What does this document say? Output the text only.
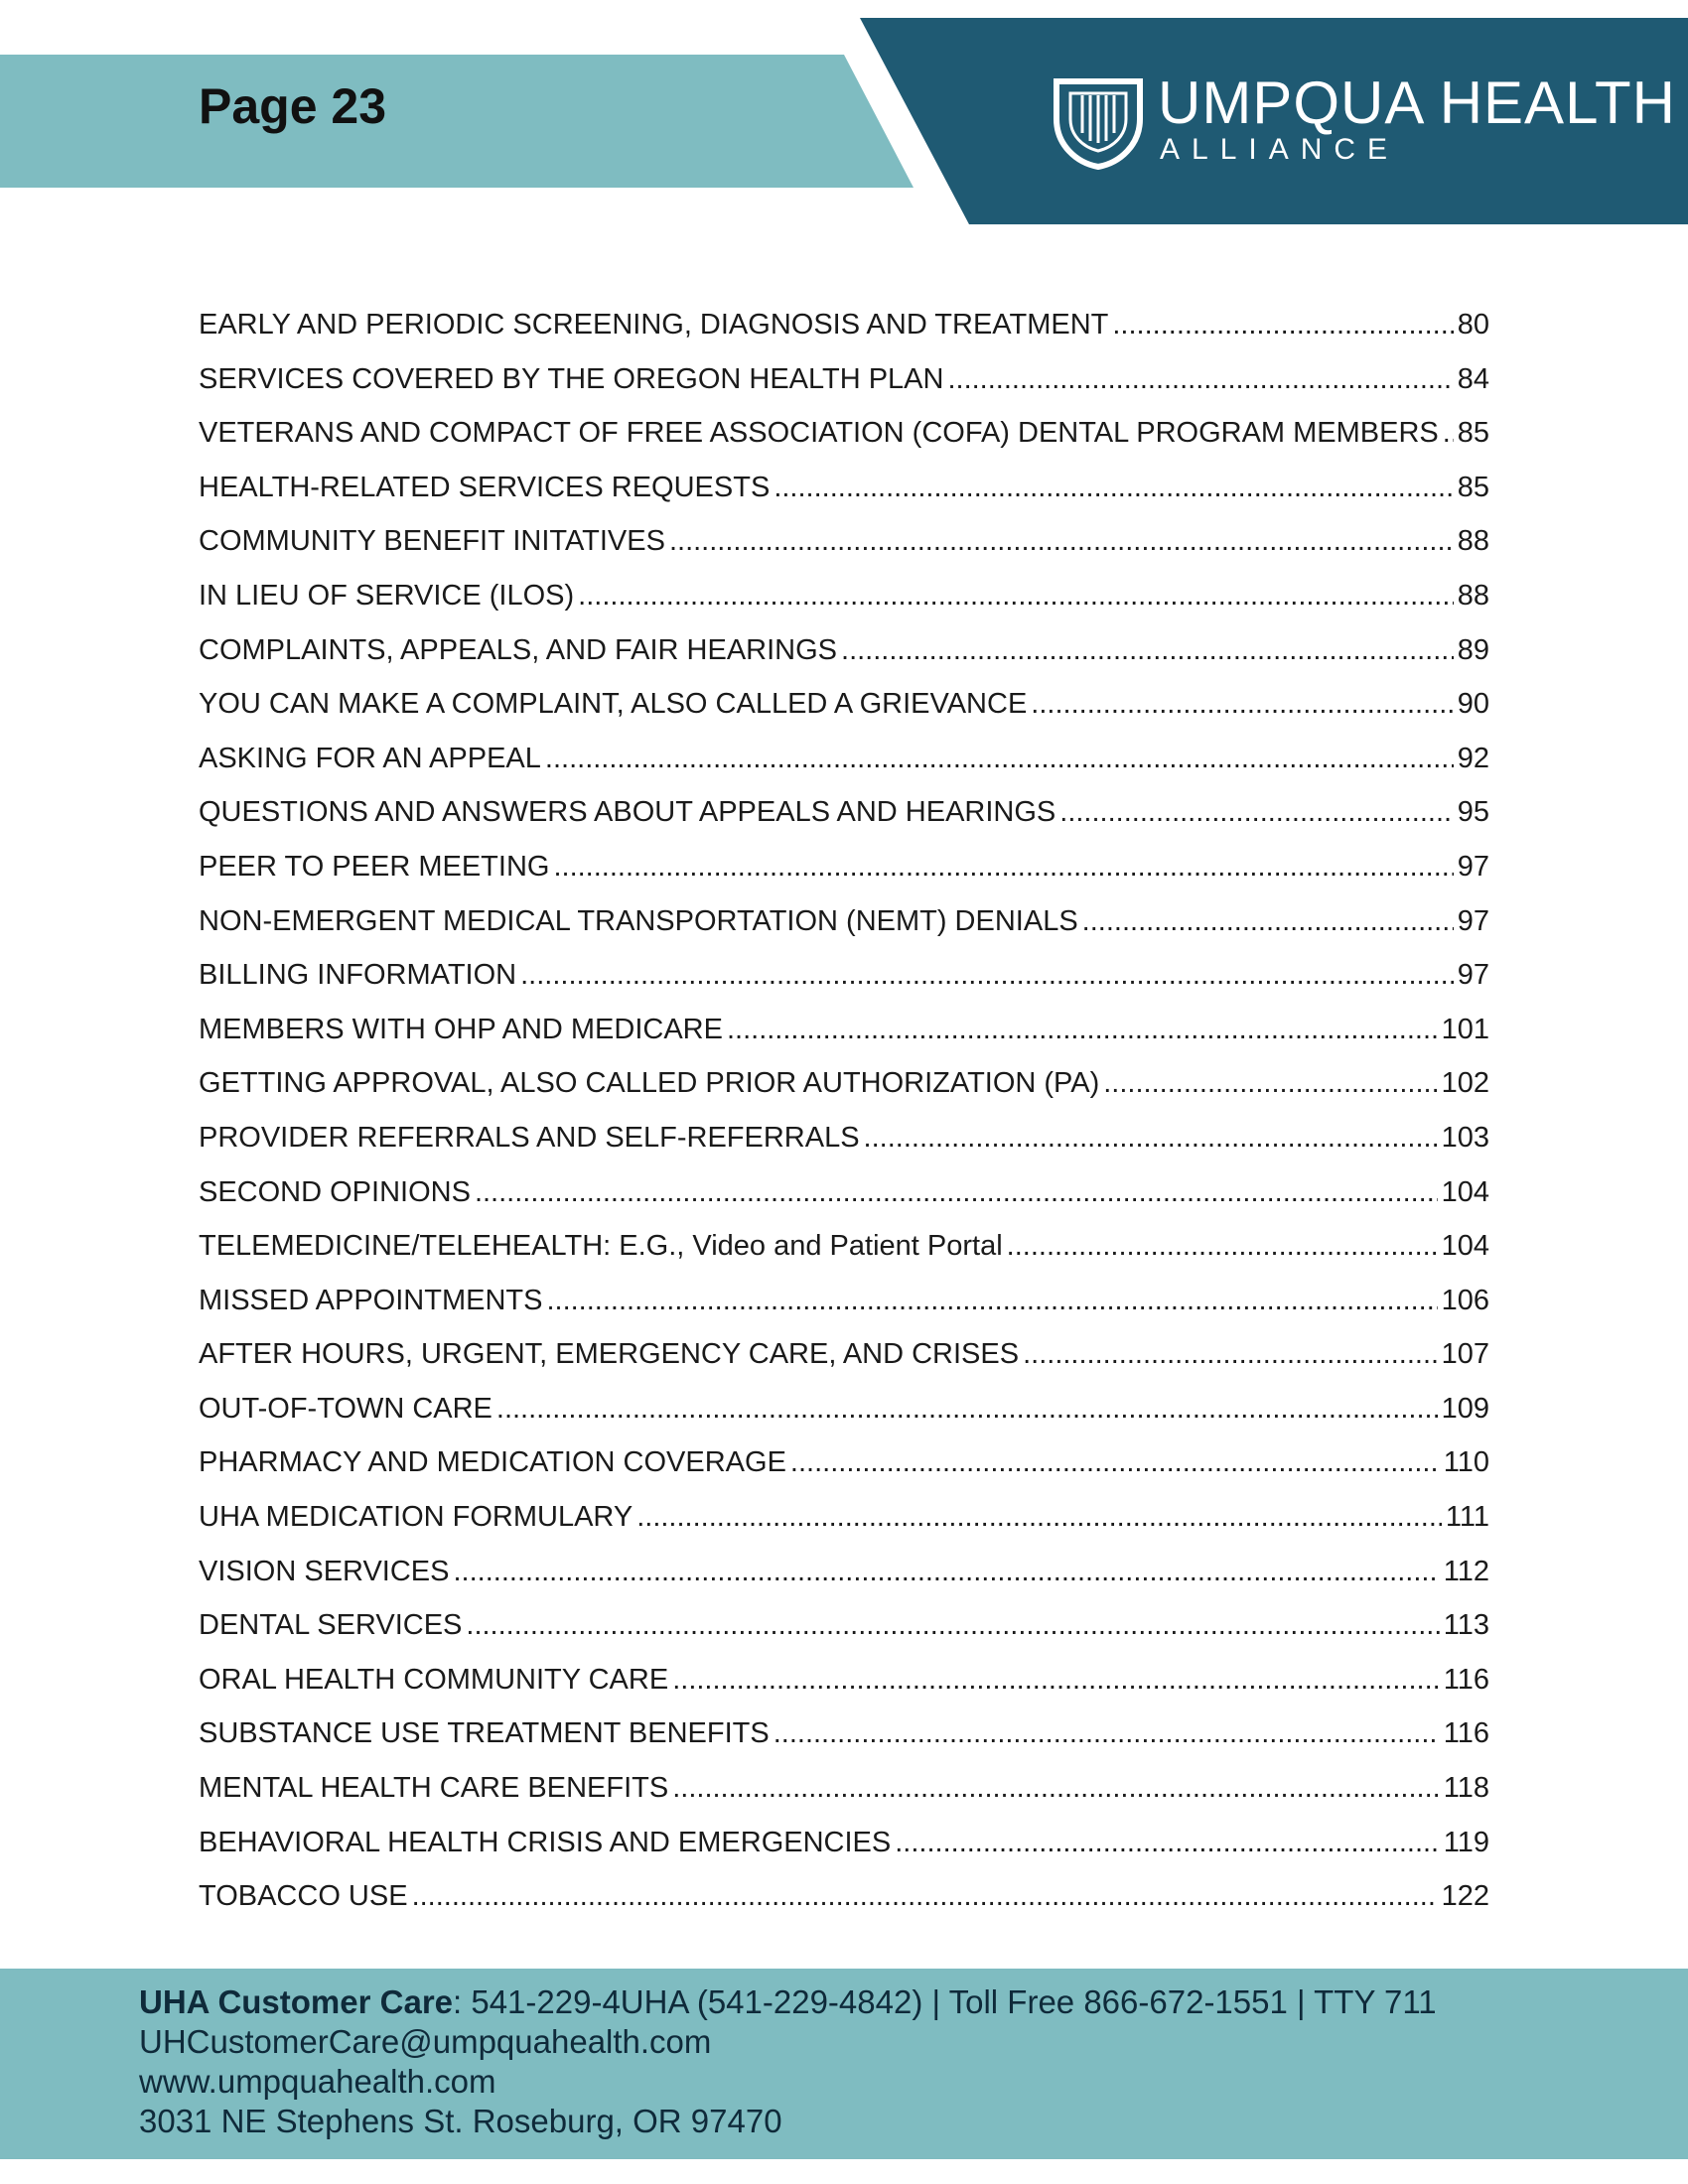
Page 23	UMPQUA HEALTH
ALLIANCE
EARLY AND PERIODIC SCREENING, DIAGNOSIS AND TREATMENT .....	80
SERVICES COVERED BY THE OREGON HEALTH PLAN .....	84
VETERANS AND COMPACT OF FREE ASSOCIATION (COFA) DENTAL PROGRAM MEMBERS ..... 85
HEALTH-RELATED SERVICES REQUESTS .....	85
COMMUNITY BENEFIT INITATIVES .....	88
IN LIEU OF SERVICE (ILOS) .....	88
COMPLAINTS, APPEALS, AND FAIR HEARINGS .....	89
YOU CAN MAKE A COMPLAINT, ALSO CALLED A GRIEVANCE .....	90
ASKING FOR AN APPEAL .....	92
QUESTIONS AND ANSWERS ABOUT APPEALS AND HEARINGS .....	95
PEER TO PEER MEETING .....	97
NON-EMERGENT MEDICAL TRANSPORTATION (NEMT) DENIALS .....	97
BILLING INFORMATION .....	97
MEMBERS WITH OHP AND MEDICARE .....	101
GETTING APPROVAL, ALSO CALLED PRIOR AUTHORIZATION (PA) .....	102
PROVIDER REFERRALS AND SELF-REFERRALS .....	103
SECOND OPINIONS .....	104
TELEMEDICINE/TELEHEALTH: E.G., Video and Patient Portal .....	104
MISSED APPOINTMENTS .....	106
AFTER HOURS, URGENT, EMERGENCY CARE, AND CRISES .....	107
OUT-OF-TOWN CARE .....	109
PHARMACY AND MEDICATION COVERAGE .....	110
UHA MEDICATION FORMULARY .....	111
VISION SERVICES .....	112
DENTAL SERVICES .....	113
ORAL HEALTH COMMUNITY CARE .....	116
SUBSTANCE USE TREATMENT BENEFITS .....	116
MENTAL HEALTH CARE BENEFITS .....	118
BEHAVIORAL HEALTH CRISIS AND EMERGENCIES .....	119
TOBACCO USE .....	122
UHA Customer Care: 541-229-4UHA (541-229-4842) | Toll Free 866-672-1551 | TTY 711
UHCustomerCare@umpquahealth.com
www.umpquahealth.com
3031 NE Stephens St. Roseburg, OR 97470
